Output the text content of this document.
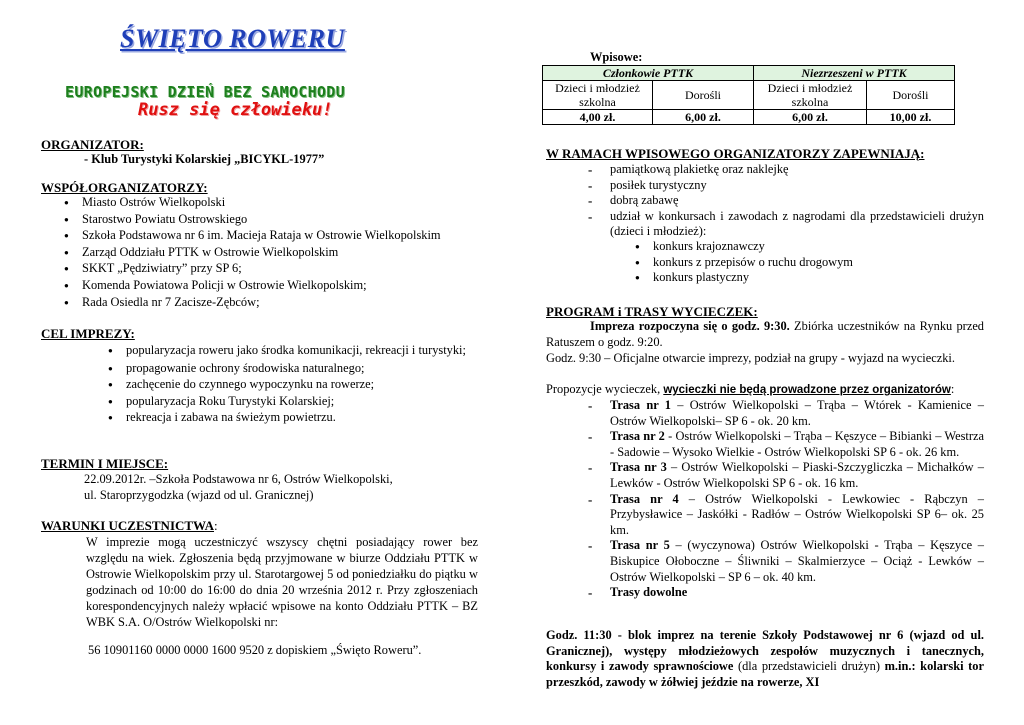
ŚWIĘTO ROWERU
EUROPEJSKI DZIEŃ BEZ SAMOCHODU
Rusz się człowieku!
ORGANIZATOR:
- Klub Turystyki Kolarskiej „BICYKL-1977”
WSPÓŁORGANIZATORZY:
● Miasto Ostrów Wielkopolski
● Starostwo Powiatu Ostrowskiego
● Szkoła Podstawowa nr 6 im. Macieja Rataja w Ostrowie Wielkopolskim
● Zarząd Oddziału PTTK w Ostrowie Wielkopolskim
● SKKT „Pędziwiatry” przy SP 6;
● Komenda Powiatowa Policji w Ostrowie Wielkopolskim;
● Rada Osiedla nr 7 Zacisze-Zębców;
CEL IMPREZY:
● popularyzacja roweru jako środka komunikacji, rekreacji i turystyki;
● propagowanie ochrony środowiska naturalnego;
● zachęcenie do czynnego wypoczynku na rowerze;
● popularyzacja Roku Turystyki Kolarskiej;
● rekreacja i zabawa na świeżym powietrzu.
TERMIN I MIEJSCE:
22.09.2012r. –Szkoła Podstawowa nr 6, Ostrów Wielkopolski,
ul. Staroprzygodzka (wjazd od ul. Granicznej)
WARUNKI UCZESTNICTWA:
W imprezie mogą uczestniczyć wszyscy chętni posiadający rower bez względu na wiek. Zgłoszenia będą przyjmowane w biurze Oddziału PTTK w Ostrowie Wielkopolskim przy ul. Starotargowej 5 od poniedziałku do piątku w godzinach od 10:00 do 16:00 do dnia 20 września 2012 r. Przy zgłoszeniach korespondencyjnych należy wpłacić wpisowe na konto Oddziału PTTK – BZ WBK S.A. O/Ostrów Wielkopolski nr:
56 10901160 0000 0000 1600 9520 z dopiskiem „Święto Roweru”.
Wpisowe:
Członkowie PTTK		Niezrzeszeni w PTTK	
Dzieci i młodzież szkolna	Dorośli	Dzieci i młodzież szkolna	Dorośli
4,00 zł.	6,00 zł.	6,00 zł.	10,00 zł.
W RAMACH WPISOWEGO ORGANIZATORZY ZAPEWNIAJĄ:
- pamiątkową plakietkę oraz naklejkę
- posiłek turystyczny
- dobrą zabawę
- udział w konkursach i zawodach z nagrodami dla przedstawicieli drużyn (dzieci i młodzież):
● konkurs krajoznawczy
● konkurs z przepisów o ruchu drogowym
● konkurs plastyczny
PROGRAM i TRASY WYCIECZEK:
Impreza rozpoczyna się o godz. 9:30. Zbiórka uczestników na Rynku przed Ratuszem o godz. 9:20.
Godz. 9:30 – Oficjalne otwarcie imprezy, podział na grupy - wyjazd na wycieczki.
Propozycje wycieczek, wycieczki nie będą prowadzone przez organizatorów:
- Trasa nr 1 – Ostrów Wielkopolski – Trąba – Wtórek - Kamienice – Ostrów Wielkopolski– SP 6 - ok. 20 km.
- Trasa nr 2 - Ostrów Wielkopolski – Trąba – Kęszyce – Bibianki – Westrza - Sadowie – Wysoko Wielkie - Ostrów Wielkopolski SP 6 - ok. 26 km.
- Trasa nr 3 – Ostrów Wielkopolski – Piaski-Szczygliczka – Michałków – Lewków - Ostrów Wielkopolski SP 6 - ok. 16 km.
- Trasa nr 4 – Ostrów Wielkopolski - Lewkowiec - Rąbczyn – Przybysławice – Jaskółki - Radłów – Ostrów Wielkopolski SP 6– ok. 25 km.
- Trasa nr 5 – (wyczynowa) Ostrów Wielkopolski - Trąba – Kęszyce – Biskupice Ołoboczne – Śliwniki – Skalmierzyce – Ociąż - Lewków – Ostrów Wielkopolski – SP 6 – ok. 40 km.
- Trasy dowolne
Godz. 11:30 - blok imprez na terenie Szkoły Podstawowej nr 6 (wjazd od ul. Granicznej), występy młodzieżowych zespołów muzycznych i tanecznych, konkursy i zawody sprawnościowe (dla przedstawicieli drużyn) m.in.: kolarski tor przeszkód, zawody w żółwiej jeździe na rowerze, XI
